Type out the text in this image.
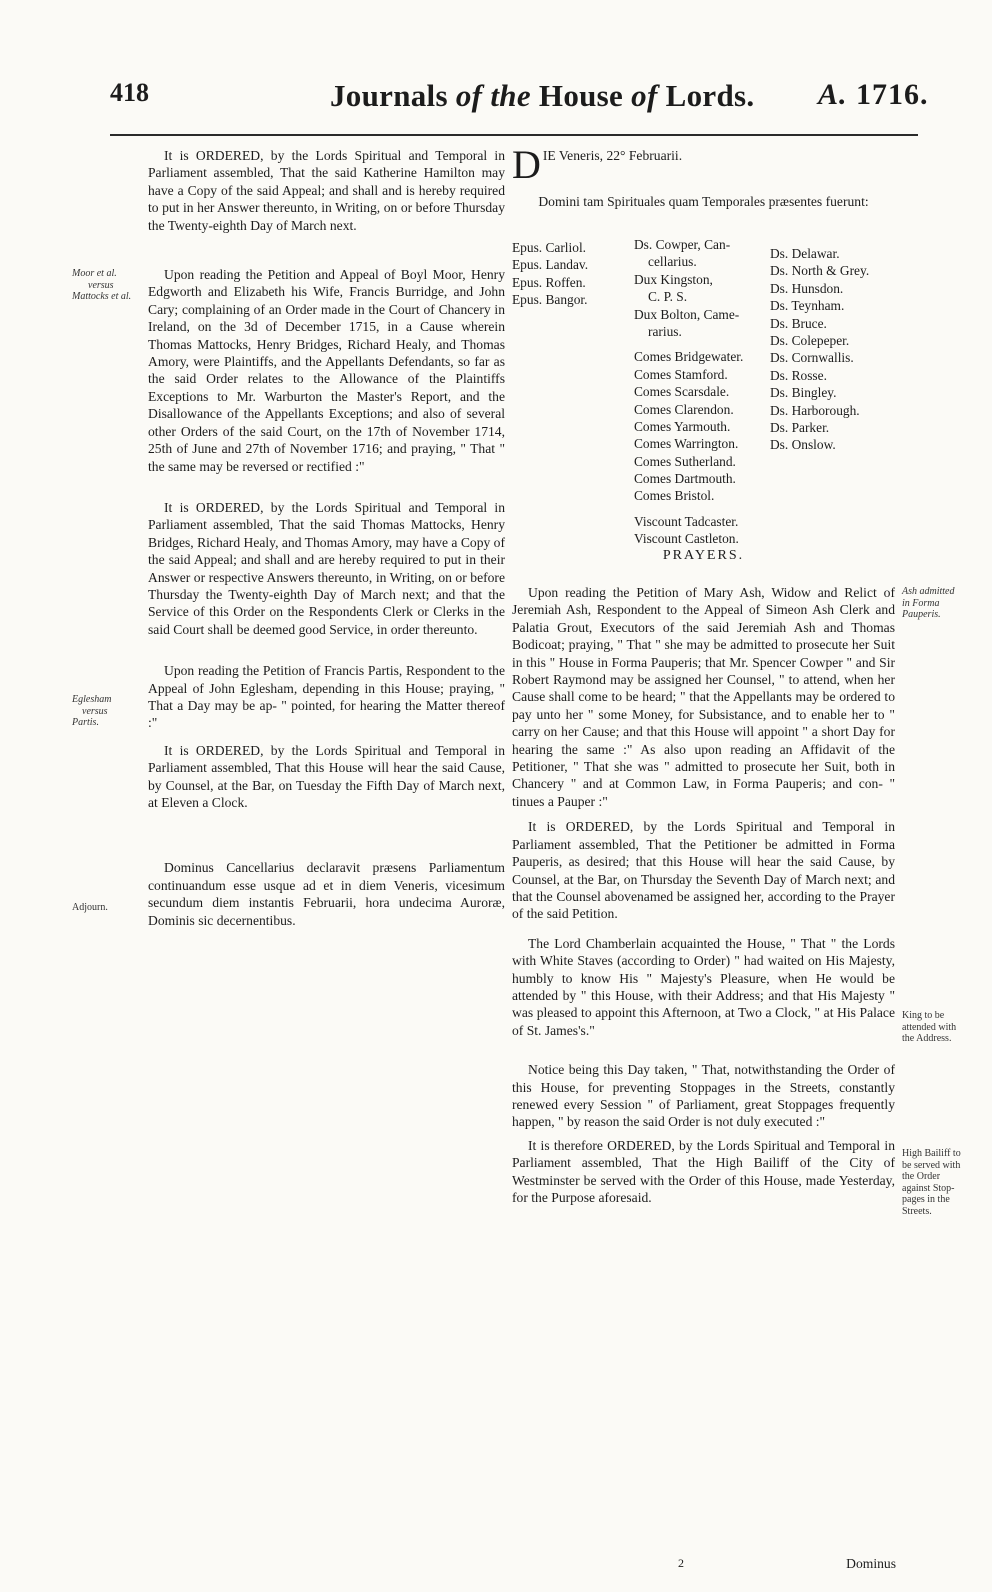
418	Journals of the House of Lords. A. 1716.

It is ORDERED, by the Lords Spiritual and Temporal in Parliament assembled, That the said Katherine Hamilton may have a Copy of the said Appeal; and shall and is hereby required to put in her Answer thereunto, in Writing, on or before Thursday the Twenty-eighth Day of March next.

Upon reading the Petition and Appeal of Boyl Moor, Henry Edgworth and Elizabeth his Wife, Francis Burridge, and John Cary; complaining of an Order made in the Court of Chancery in Ireland, on the 3d of December 1715, in a Cause wherein Thomas Mattocks, Henry Bridges, Richard Healy, and Thomas Amory, were Plaintiffs, and the Appellants Defendants, so far as the said Order relates to the Allowance of the Plaintiffs Exceptions to Mr. Warburton the Master's Report, and the Disallowance of the Appellants Exceptions; and also of several other Orders of the said Court, on the 17th of November 1714, 25th of June and 27th of November 1716; and praying, " That " the same may be reversed or rectified :"

It is ORDERED, by the Lords Spiritual and Temporal in Parliament assembled, That the said Thomas Mattocks, Henry Bridges, Richard Healy, and Thomas Amory, may have a Copy of the said Appeal; and shall and are hereby required to put in their Answer or respective Answers thereunto, in Writing, on or before Thursday the Twenty-eighth Day of March next; and that the Service of this Order on the Respondents Clerk or Clerks in the said Court shall be deemed good Service, in order thereunto.

Upon reading the Petition of Francis Partis, Respondent to the Appeal of John Eglesham, depending in this House; praying, " That a Day may be ap- " pointed, for hearing the Matter thereof :"

It is ORDERED, by the Lords Spiritual and Temporal in Parliament assembled, That this House will hear the said Cause, by Counsel, at the Bar, on Tuesday the Fifth Day of March next, at Eleven a Clock.

Dominus Cancellarius declaravit præsens Parliamentum continuandum esse usque ad et in diem Veneris, vicesimum secundum diem instantis Februarii, hora undecima Auroræ, Dominis sic decernentibus.

Moor et al.
versus
Mattocks et al.
Eglesham
versus
Partis.
Adjourn.
DIE Veneris, 22° Februarii.
Domini tam Spirituales quam Temporales præsentes fuerunt:
Epus. Carliol.
Epus. Landav.
Epus. Roffen.
Epus. Bangor.
Ds. Cowper, Can-
cellarius.
Dux Kingston,
C. P. S.
Dux Bolton, Came-
rarius.
Comes Bridgewater.
Comes Stamford.
Comes Scarsdale.
Comes Clarendon.
Comes Yarmouth.
Comes Warrington.
Comes Sutherland.
Comes Dartmouth.
Comes Bristol.
Viscount Tadcaster.
Viscount Castleton.
Ds. Delawar.
Ds. North & Grey.
Ds. Hunsdon.
Ds. Teynham.
Ds. Bruce.
Ds. Colepeper.
Ds. Cornwallis.
Ds. Rosse.
Ds. Bingley.
Ds. Harborough.
Ds. Parker.
Ds. Onslow.
PRAYERS.

Upon reading the Petition of Mary Ash, Widow and Relict of Jeremiah Ash, Respondent to the Appeal of Simeon Ash Clerk and Palatia Grout, Executors of the said Jeremiah Ash and Thomas Bodicoat; praying, " That " she may be admitted to prosecute her Suit in this " House in Forma Pauperis; that Mr. Spencer Cowper " and Sir Robert Raymond may be assigned her Counsel, " to attend, when her Cause shall come to be heard; " that the Appellants may be ordered to pay unto her " some Money, for Subsistance, and to enable her to " carry on her Cause; and that this House will appoint " a short Day for hearing the same :" As also upon reading an Affidavit of the Petitioner, " That she was " admitted to prosecute her Suit, both in Chancery " and at Common Law, in Forma Pauperis; and con- " tinues a Pauper :"

It is ORDERED, by the Lords Spiritual and Temporal in Parliament assembled, That the Petitioner be admitted in Forma Pauperis, as desired; that this House will hear the said Cause, by Counsel, at the Bar, on Thursday the Seventh Day of March next; and that the Counsel abovenamed be assigned her, according to the Prayer of the said Petition.

The Lord Chamberlain acquainted the House, " That " the Lords with White Staves (according to Order) " had waited on His Majesty, humbly to know His " Majesty's Pleasure, when He would be attended by " this House, with their Address; and that His Majesty " was pleased to appoint this Afternoon, at Two a Clock, " at His Palace of St. James's."

Notice being this Day taken, " That, notwithstanding the Order of this House, for preventing Stoppages in the Streets, constantly renewed every Session " of Parliament, great Stoppages frequently happen, " by reason the said Order is not duly executed :"

It is therefore ORDERED, by the Lords Spiritual and Temporal in Parliament assembled, That the High Bailiff of the City of Westminster be served with the Order of this House, made Yesterday, for the Purpose aforesaid.

Ash admitted
in Forma
Pauperis.
King to be
attended with
the Address.
High Bailiff to
be served with
the Order
against Stop-
pages in the
Streets.
2	Dominus
